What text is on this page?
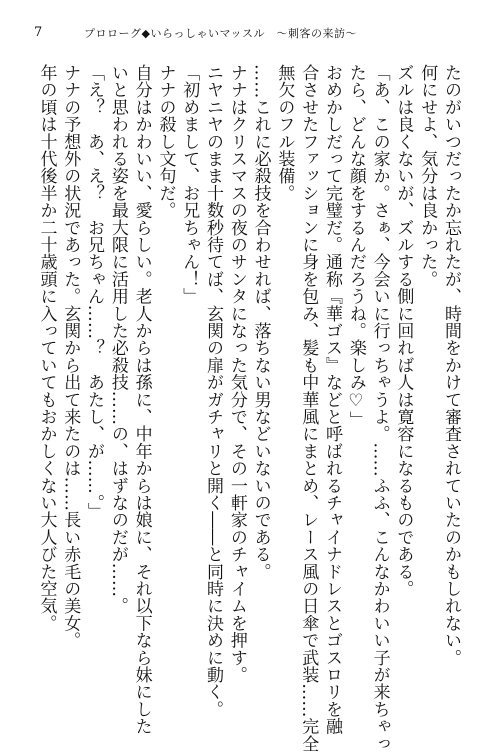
7	プロローグ◆いらっしゃいマッスル　～刺客の来訪～

たのがいつだったか忘れたが、時間をかけて審査されていたのかもしれない。

何にせよ、気分は良かった。

ズルは良くないが、ズルする側に回れば人は寛容になるものである。

「あ、この家か。さぁ、今会いに行っちゃうよ。……ふふ、こんなかわいい子が来ちゃっ

たら、どんな顔をするんだろうね。楽しみ♡」

おめかしだって完璧だ。通称『華ゴス』などと呼ばれるチャイナドレスとゴスロリを融

合させたファッションに身を包み、髪も中華風にまとめ、レース風の日傘で武装……完全

無欠のフル装備。

……これに必殺技を合わせれば、落ちない男などいないのである。

ナナはクリスマスの夜のサンタになった気分で、その一軒家のチャイムを押す。

ニヤニヤのまま十数秒待てば、玄関の扉がガチャリと開く――と同時に決めに動く。

「初めまして、お兄ちゃん！」

ナナの殺し文句だ。

自分はかわいい、愛らしい。老人からは孫に、中年からは娘に、それ以下なら妹にした

いと思われる姿を最大限に活用した必殺技……の、はずなのだが……。

「え？　あ、え？　お兄ちゃん……？　あたし、が……。」

ナナの予想外の状況であった。玄関から出て来たのは……長い赤毛の美女。

年の頃は十代後半か二十歳頭に入っていてもおかしくない大人びた空気。
